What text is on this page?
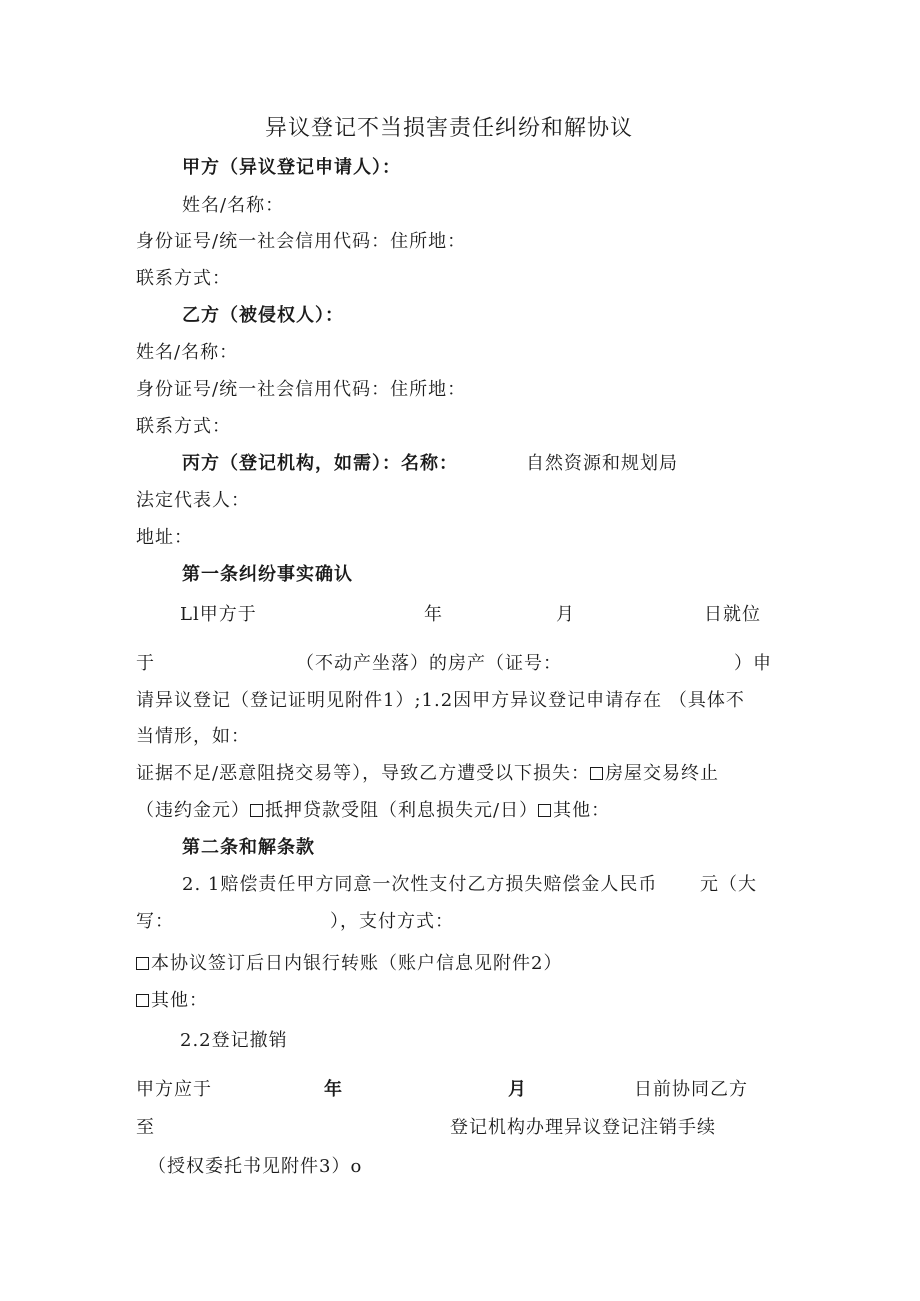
异议登记不当损害责任纠纷和解协议
甲方（异议登记申请人）：
姓名/名称：
身份证号/统一社会信用代码：住所地：
联系方式：
乙方（被侵权人）：
姓名/名称：
身份证号/统一社会信用代码：住所地：
联系方式：
丙方（登记机构，如需）：名称：	自然资源和规划局
法定代表人：
地址：
第一条纠纷事实确认
Ll甲方于	年	月	日就位
于	（不动产坐落）的房产（证号：	）申
请异议登记（登记证明见附件1）;1.2因甲方异议登记申请存在 （具体不
当情形，如：
证据不足/恶意阻挠交易等），导致乙方遭受以下损失： 房屋交易终止
（违约金元） 抵押贷款受阻（利息损失元/日） 其他：
第二条和解条款
2. 1赔偿责任甲方同意一次性支付乙方损失赔偿金人民币 元（大
写：	），支付方式：
本协议签订后日内银行转账（账户信息见附件2）
其他：
2.2登记撤销
甲方应于	年	月	日前协同乙方
至	登记机构办理异议登记注销手续
（授权委托书见附件3）o
